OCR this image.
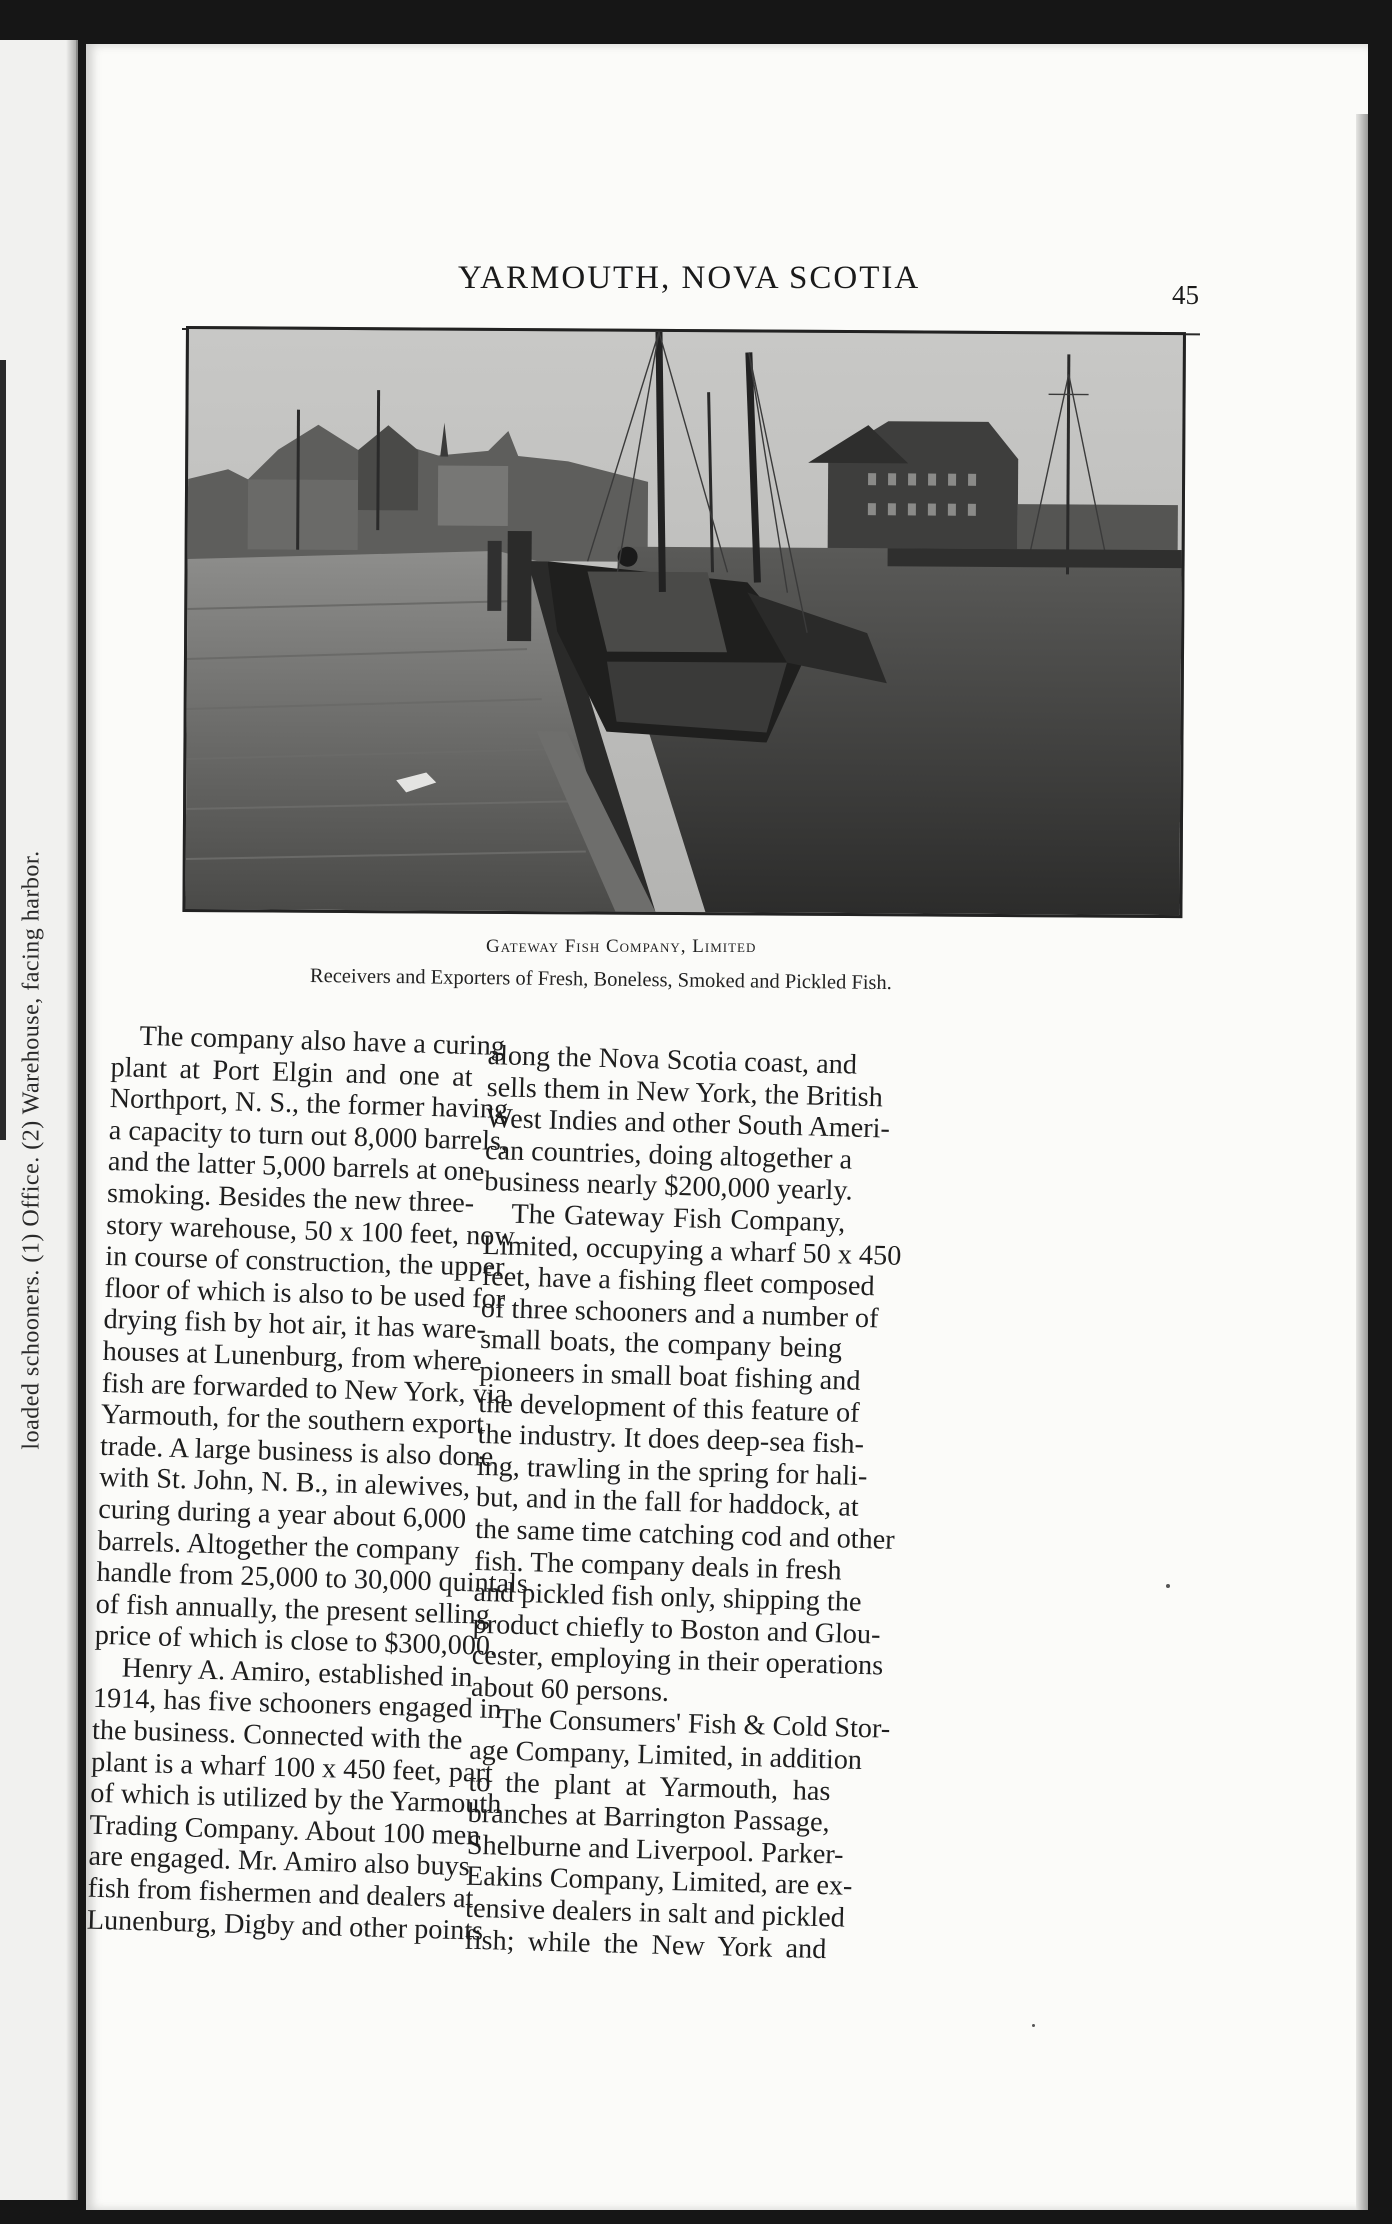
loaded schooners. (1) Office. (2) Warehouse, facing harbor.
YARMOUTH, NOVA SCOTIA	45
Gateway Fish Company, Limited
Receivers and Exporters of Fresh, Boneless, Smoked and Pickled Fish.
The company also have a curing
plant at Port Elgin and one at
Northport, N. S., the former having
a capacity to turn out 8,000 barrels,
and the latter 5,000 barrels at one
smoking. Besides the new three-
story warehouse, 50 x 100 feet, now
in course of construction, the upper
floor of which is also to be used for
drying fish by hot air, it has ware-
houses at Lunenburg, from where
fish are forwarded to New York, via
Yarmouth, for the southern export
trade. A large business is also done
with St. John, N. B., in alewives,
curing during a year about 6,000
barrels. Altogether the company
handle from 25,000 to 30,000 quintals
of fish annually, the present selling
price of which is close to $300,000.
Henry A. Amiro, established in
1914, has five schooners engaged in
the business. Connected with the
plant is a wharf 100 x 450 feet, part
of which is utilized by the Yarmouth
Trading Company. About 100 men
are engaged. Mr. Amiro also buys
fish from fishermen and dealers at
Lunenburg, Digby and other points
along the Nova Scotia coast, and
sells them in New York, the British
West Indies and other South Ameri-
can countries, doing altogether a
business nearly $200,000 yearly.
The Gateway Fish Company,
Limited, occupying a wharf 50 x 450
feet, have a fishing fleet composed
of three schooners and a number of
small boats, the company being
pioneers in small boat fishing and
the development of this feature of
the industry. It does deep-sea fish-
ing, trawling in the spring for hali-
but, and in the fall for haddock, at
the same time catching cod and other
fish. The company deals in fresh
and pickled fish only, shipping the
product chiefly to Boston and Glou-
cester, employing in their operations
about 60 persons.
The Consumers' Fish & Cold Stor-
age Company, Limited, in addition
to the plant at Yarmouth, has
branches at Barrington Passage,
Shelburne and Liverpool. Parker-
Eakins Company, Limited, are ex-
tensive dealers in salt and pickled
fish; while the New York and
